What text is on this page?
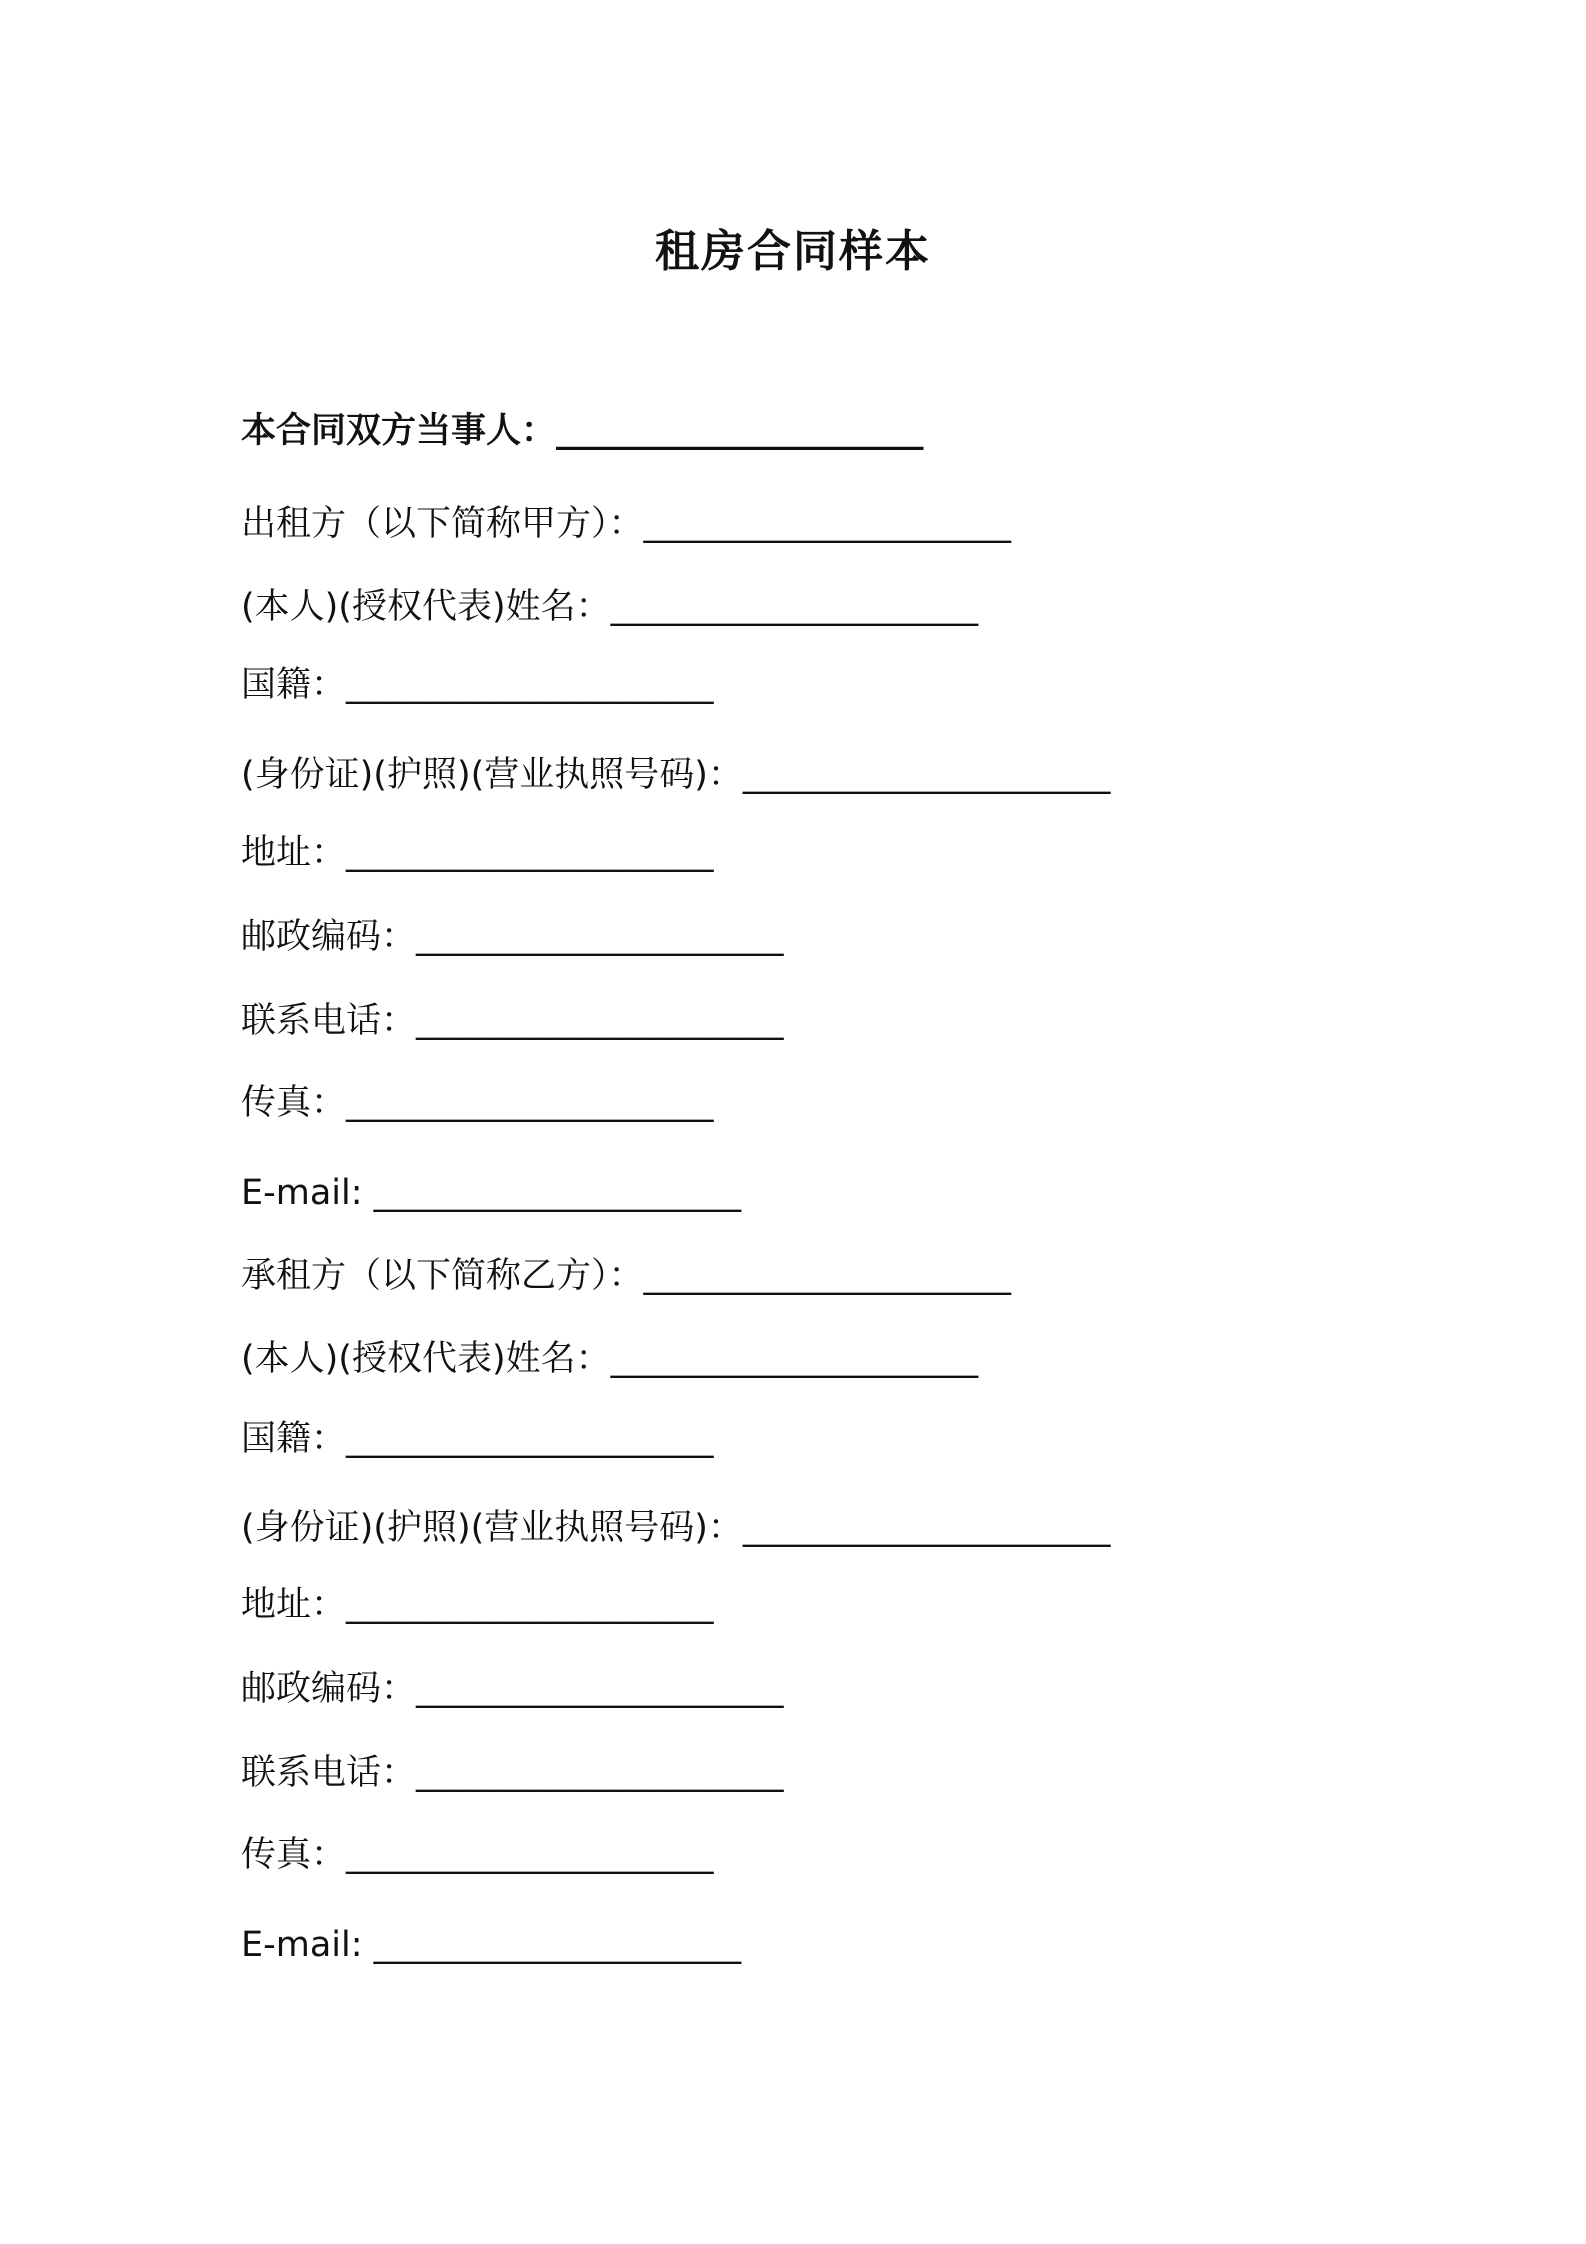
租房合同样本
本合同双方当事人：_____________________
出租方（以下简称甲方）：_____________________
(本人)(授权代表)姓名：_____________________
国籍：_____________________
(身份证)(护照)(营业执照号码)：_____________________
地址：_____________________
邮政编码：_____________________
联系电话：_____________________
传真：_____________________
E-mail: _____________________
承租方（以下简称乙方）：_____________________
(本人)(授权代表)姓名：_____________________
国籍：_____________________
(身份证)(护照)(营业执照号码)：_____________________
地址：_____________________
邮政编码：_____________________
联系电话：_____________________
传真：_____________________
E-mail: _____________________
